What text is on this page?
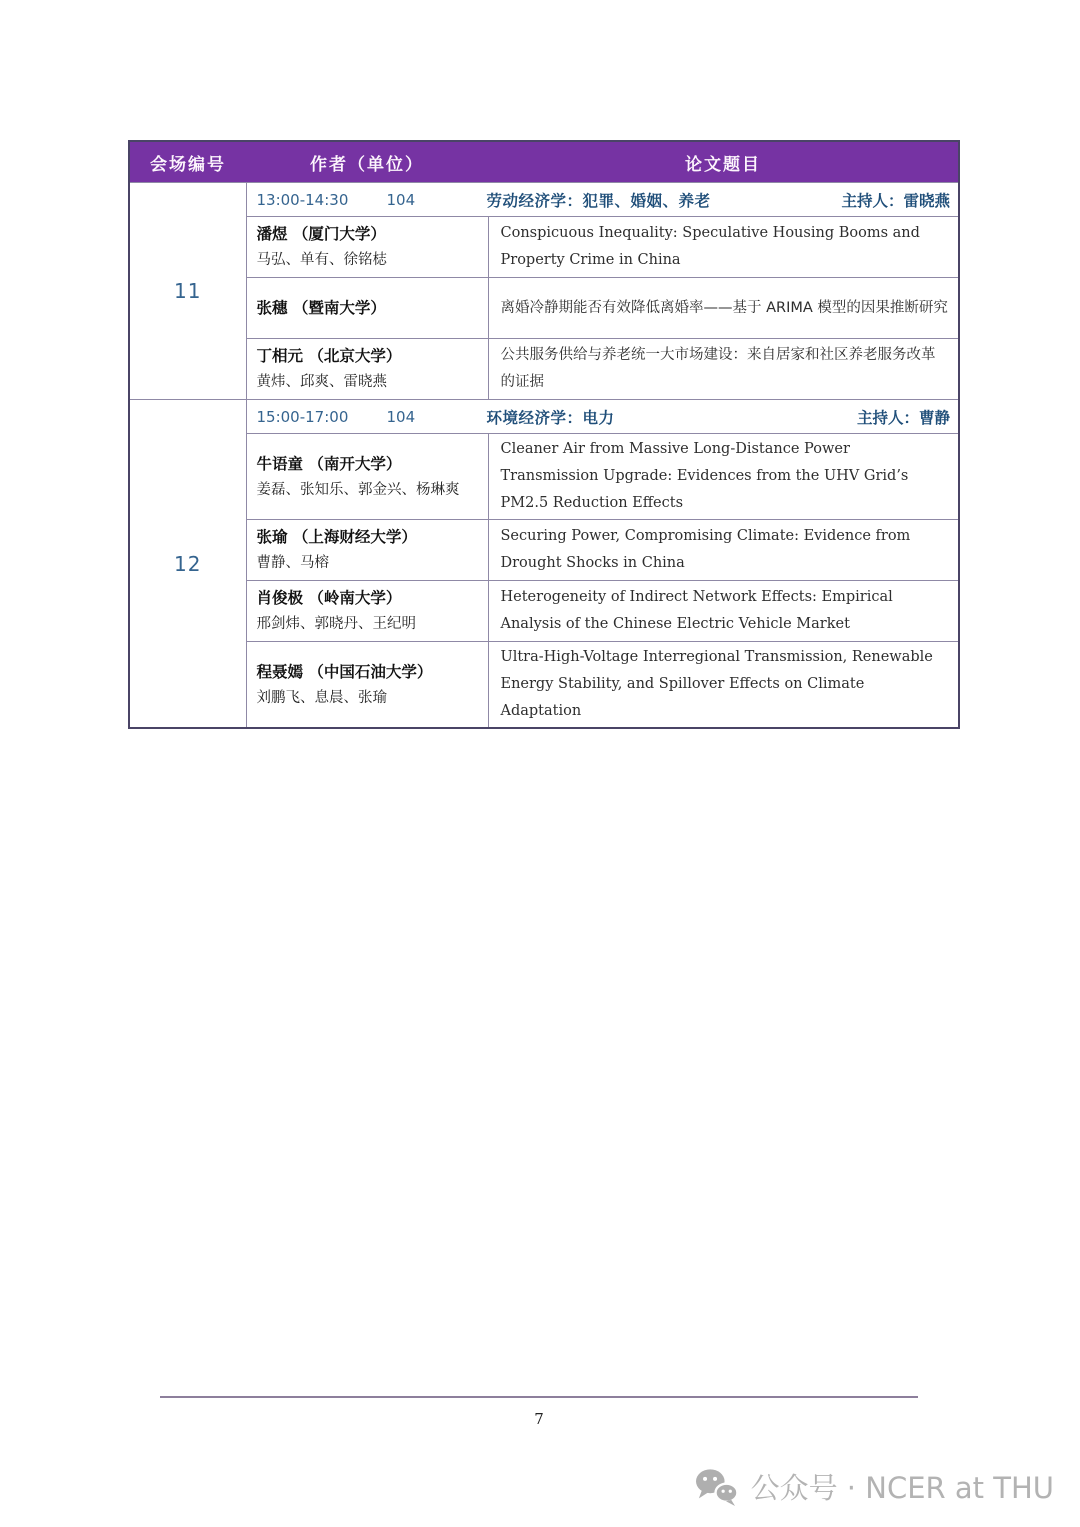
会场编号	作者（单位）	论文题目
11	13:00-14:30 104 劳动经济学：犯罪、婚姻、养老 主持人：雷晓燕	

	潘煜 （厦门大学）
马弘、单有、徐铭梽	Conspicuous Inequality: Speculative Housing Booms and Property Crime in China

	张穗 （暨南大学）	离婚冷静期能否有效降低离婚率——基于 ARIMA 模型的因果推断研究

	丁相元 （北京大学）
黄炜、邱爽、雷晓燕	公共服务供给与养老统一大市场建设：来自居家和社区养老服务改革的证据
12	15:00-17:00 104 环境经济学：电力 主持人：曹静	

	牛语童 （南开大学）
姜磊、张知乐、郭金兴、杨琳爽	Cleaner Air from Massive Long-Distance Power Transmission Upgrade: Evidences from the UHV Grid’s PM2.5 Reduction Effects

	张瑜 （上海财经大学）
曹静、马榕	Securing Power, Compromising Climate: Evidence from Drought Shocks in China

	肖俊极 （岭南大学）
邢剑炜、郭晓丹、王纪明	Heterogeneity of Indirect Network Effects: Empirical Analysis of the Chinese Electric Vehicle Market

	程聂嫣 （中国石油大学）
刘鹏飞、息晨、张瑜	Ultra-High-Voltage Interregional Transmission, Renewable Energy Stability, and Spillover Effects on Climate Adaptation
7
公众号 · NCER at THU
